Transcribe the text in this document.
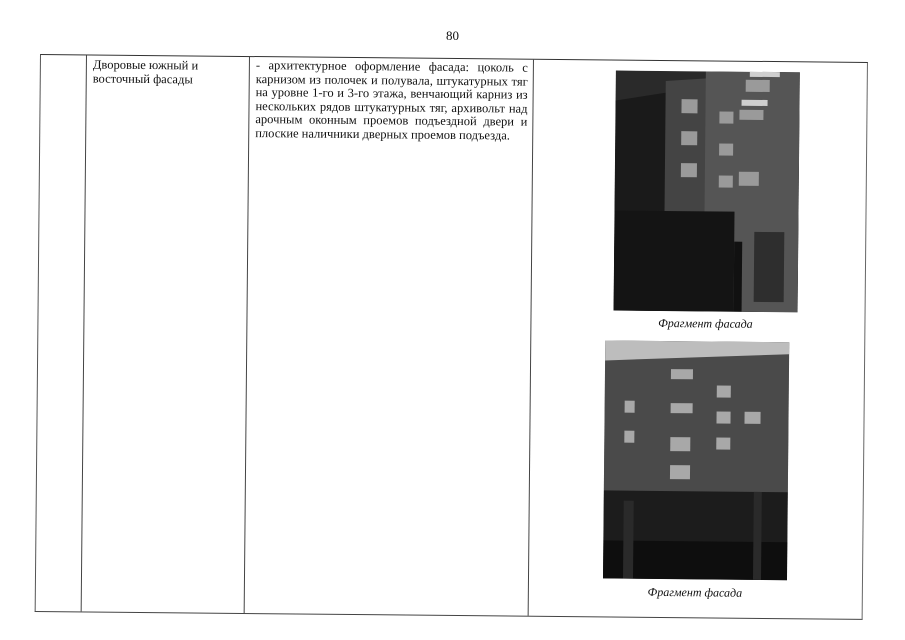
80
Дворовые южный и восточный фасады
- архитектурное оформление фасада: цоколь с карнизом из полочек и полувала, штукатурных тяг на уровне 1-го и 3-го этажа, венчающий карниз из нескольких рядов штукатурных тяг, архивольт над арочным оконным проемов подъездной двери и плоские наличники дверных проемов подъезда.
Фрагмент фасада
Фрагмент фасада
